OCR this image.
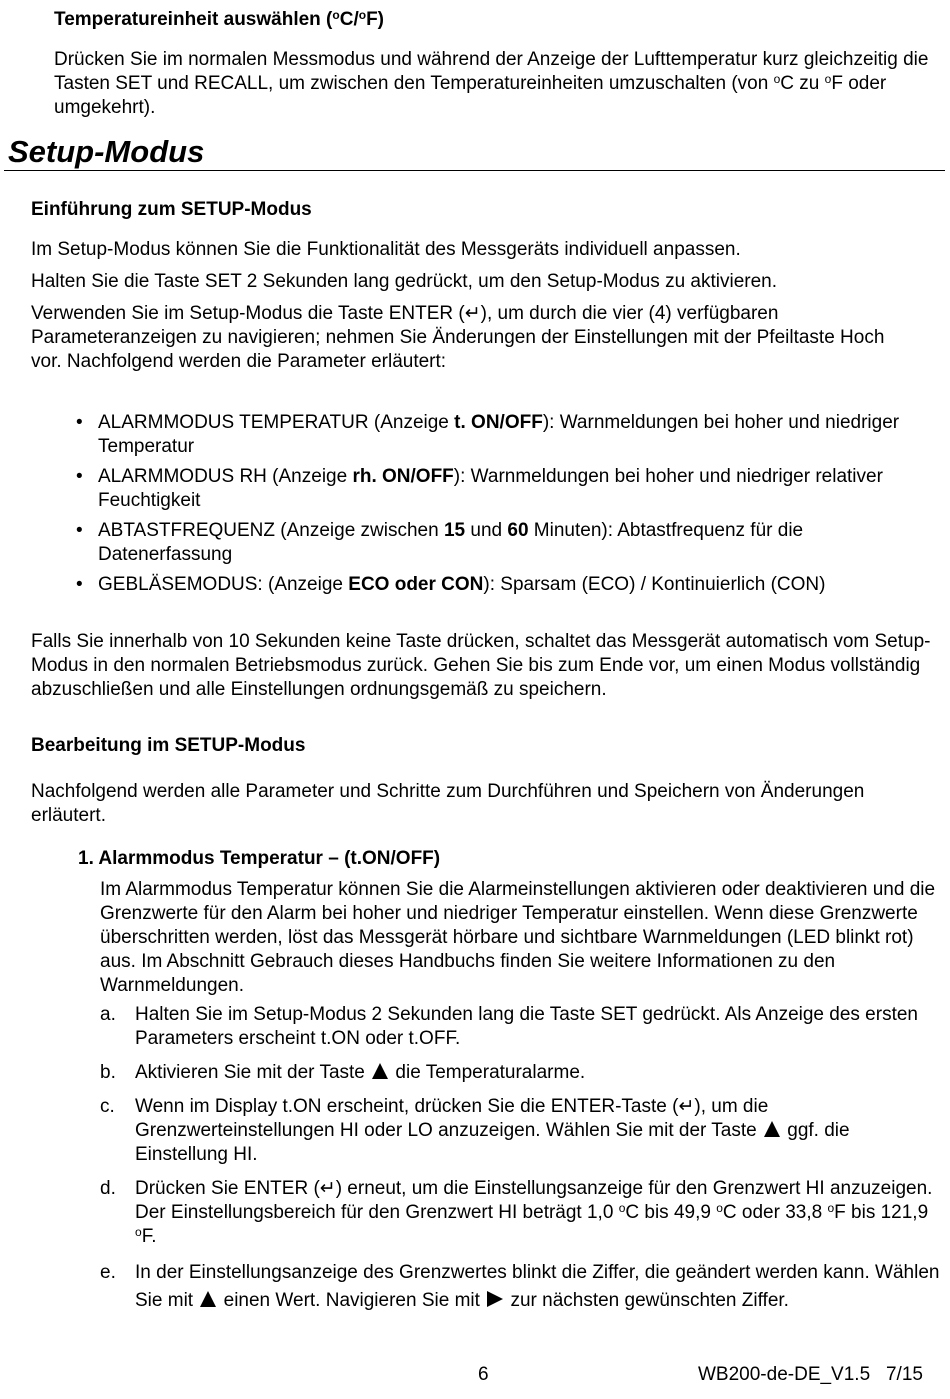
Temperatureinheit auswählen ($^o$C/$^o$F)

Drücken Sie im normalen Messmodus und während der Anzeige der Lufttemperatur kurz gleichzeitig die Tasten SET und RECALL, um zwischen den Temperatureinheiten umzuschalten (von $^o$C zu $^o$F oder umgekehrt).

Setup-Modus
Einführung zum SETUP-Modus

Im Setup-Modus können Sie die Funktionalität des Messgeräts individuell anpassen.

Halten Sie die Taste SET 2 Sekunden lang gedrückt, um den Setup-Modus zu aktivieren.

Verwenden Sie im Setup-Modus die Taste ENTER (↵), um durch die vier (4) verfügbaren Parameteranzeigen zu navigieren; nehmen Sie Änderungen der Einstellungen mit der Pfeiltaste Hoch vor. Nachfolgend werden die Parameter erläutert:

• ALARMMODUS TEMPERATUR (Anzeige t. ON/OFF): Warnmeldungen bei hoher und niedriger Temperatur
• ALARMMODUS RH (Anzeige rh. ON/OFF): Warnmeldungen bei hoher und niedriger relativer Feuchtigkeit
• ABTASTFREQUENZ (Anzeige zwischen 15 und 60 Minuten): Abtastfrequenz für die Datenerfassung
• GEBLÄSEMODUS: (Anzeige ECO oder CON): Sparsam (ECO) / Kontinuierlich (CON)

Falls Sie innerhalb von 10 Sekunden keine Taste drücken, schaltet das Messgerät automatisch vom Setup-Modus in den normalen Betriebsmodus zurück. Gehen Sie bis zum Ende vor, um einen Modus vollständig abzuschließen und alle Einstellungen ordnungsgemäß zu speichern.

Bearbeitung im SETUP-Modus

Nachfolgend werden alle Parameter und Schritte zum Durchführen und Speichern von Änderungen erläutert.

1. Alarmmodus Temperatur – (t.ON/OFF)

Im Alarmmodus Temperatur können Sie die Alarmeinstellungen aktivieren oder deaktivieren und die Grenzwerte für den Alarm bei hoher und niedriger Temperatur einstellen. Wenn diese Grenzwerte überschritten werden, löst das Messgerät hörbare und sichtbare Warnmeldungen (LED blinkt rot) aus. Im Abschnitt Gebrauch dieses Handbuchs finden Sie weitere Informationen zu den Warnmeldungen.

a. Halten Sie im Setup-Modus 2 Sekunden lang die Taste SET gedrückt. Als Anzeige des ersten Parameters erscheint t.ON oder t.OFF.
b. Aktivieren Sie mit der Taste  die Temperaturalarme.
c. Wenn im Display t.ON erscheint, drücken Sie die ENTER-Taste (↵), um die Grenzwerteinstellungen HI oder LO anzuzeigen. Wählen Sie mit der Taste  ggf. die Einstellung HI.
d. Drücken Sie ENTER (↵) erneut, um die Einstellungsanzeige für den Grenzwert HI anzuzeigen. Der Einstellungsbereich für den Grenzwert HI beträgt 1,0 $^o$C bis 49,9 $^o$C oder 33,8 $^o$F bis 121,9 $^o$F.
e. In der Einstellungsanzeige des Grenzwertes blinkt die Ziffer, die geändert werden kann. Wählen Sie mit  einen Wert. Navigieren Sie mit  zur nächsten gewünschten Ziffer.
6	WB200-de-DE_V1.5   7/15
